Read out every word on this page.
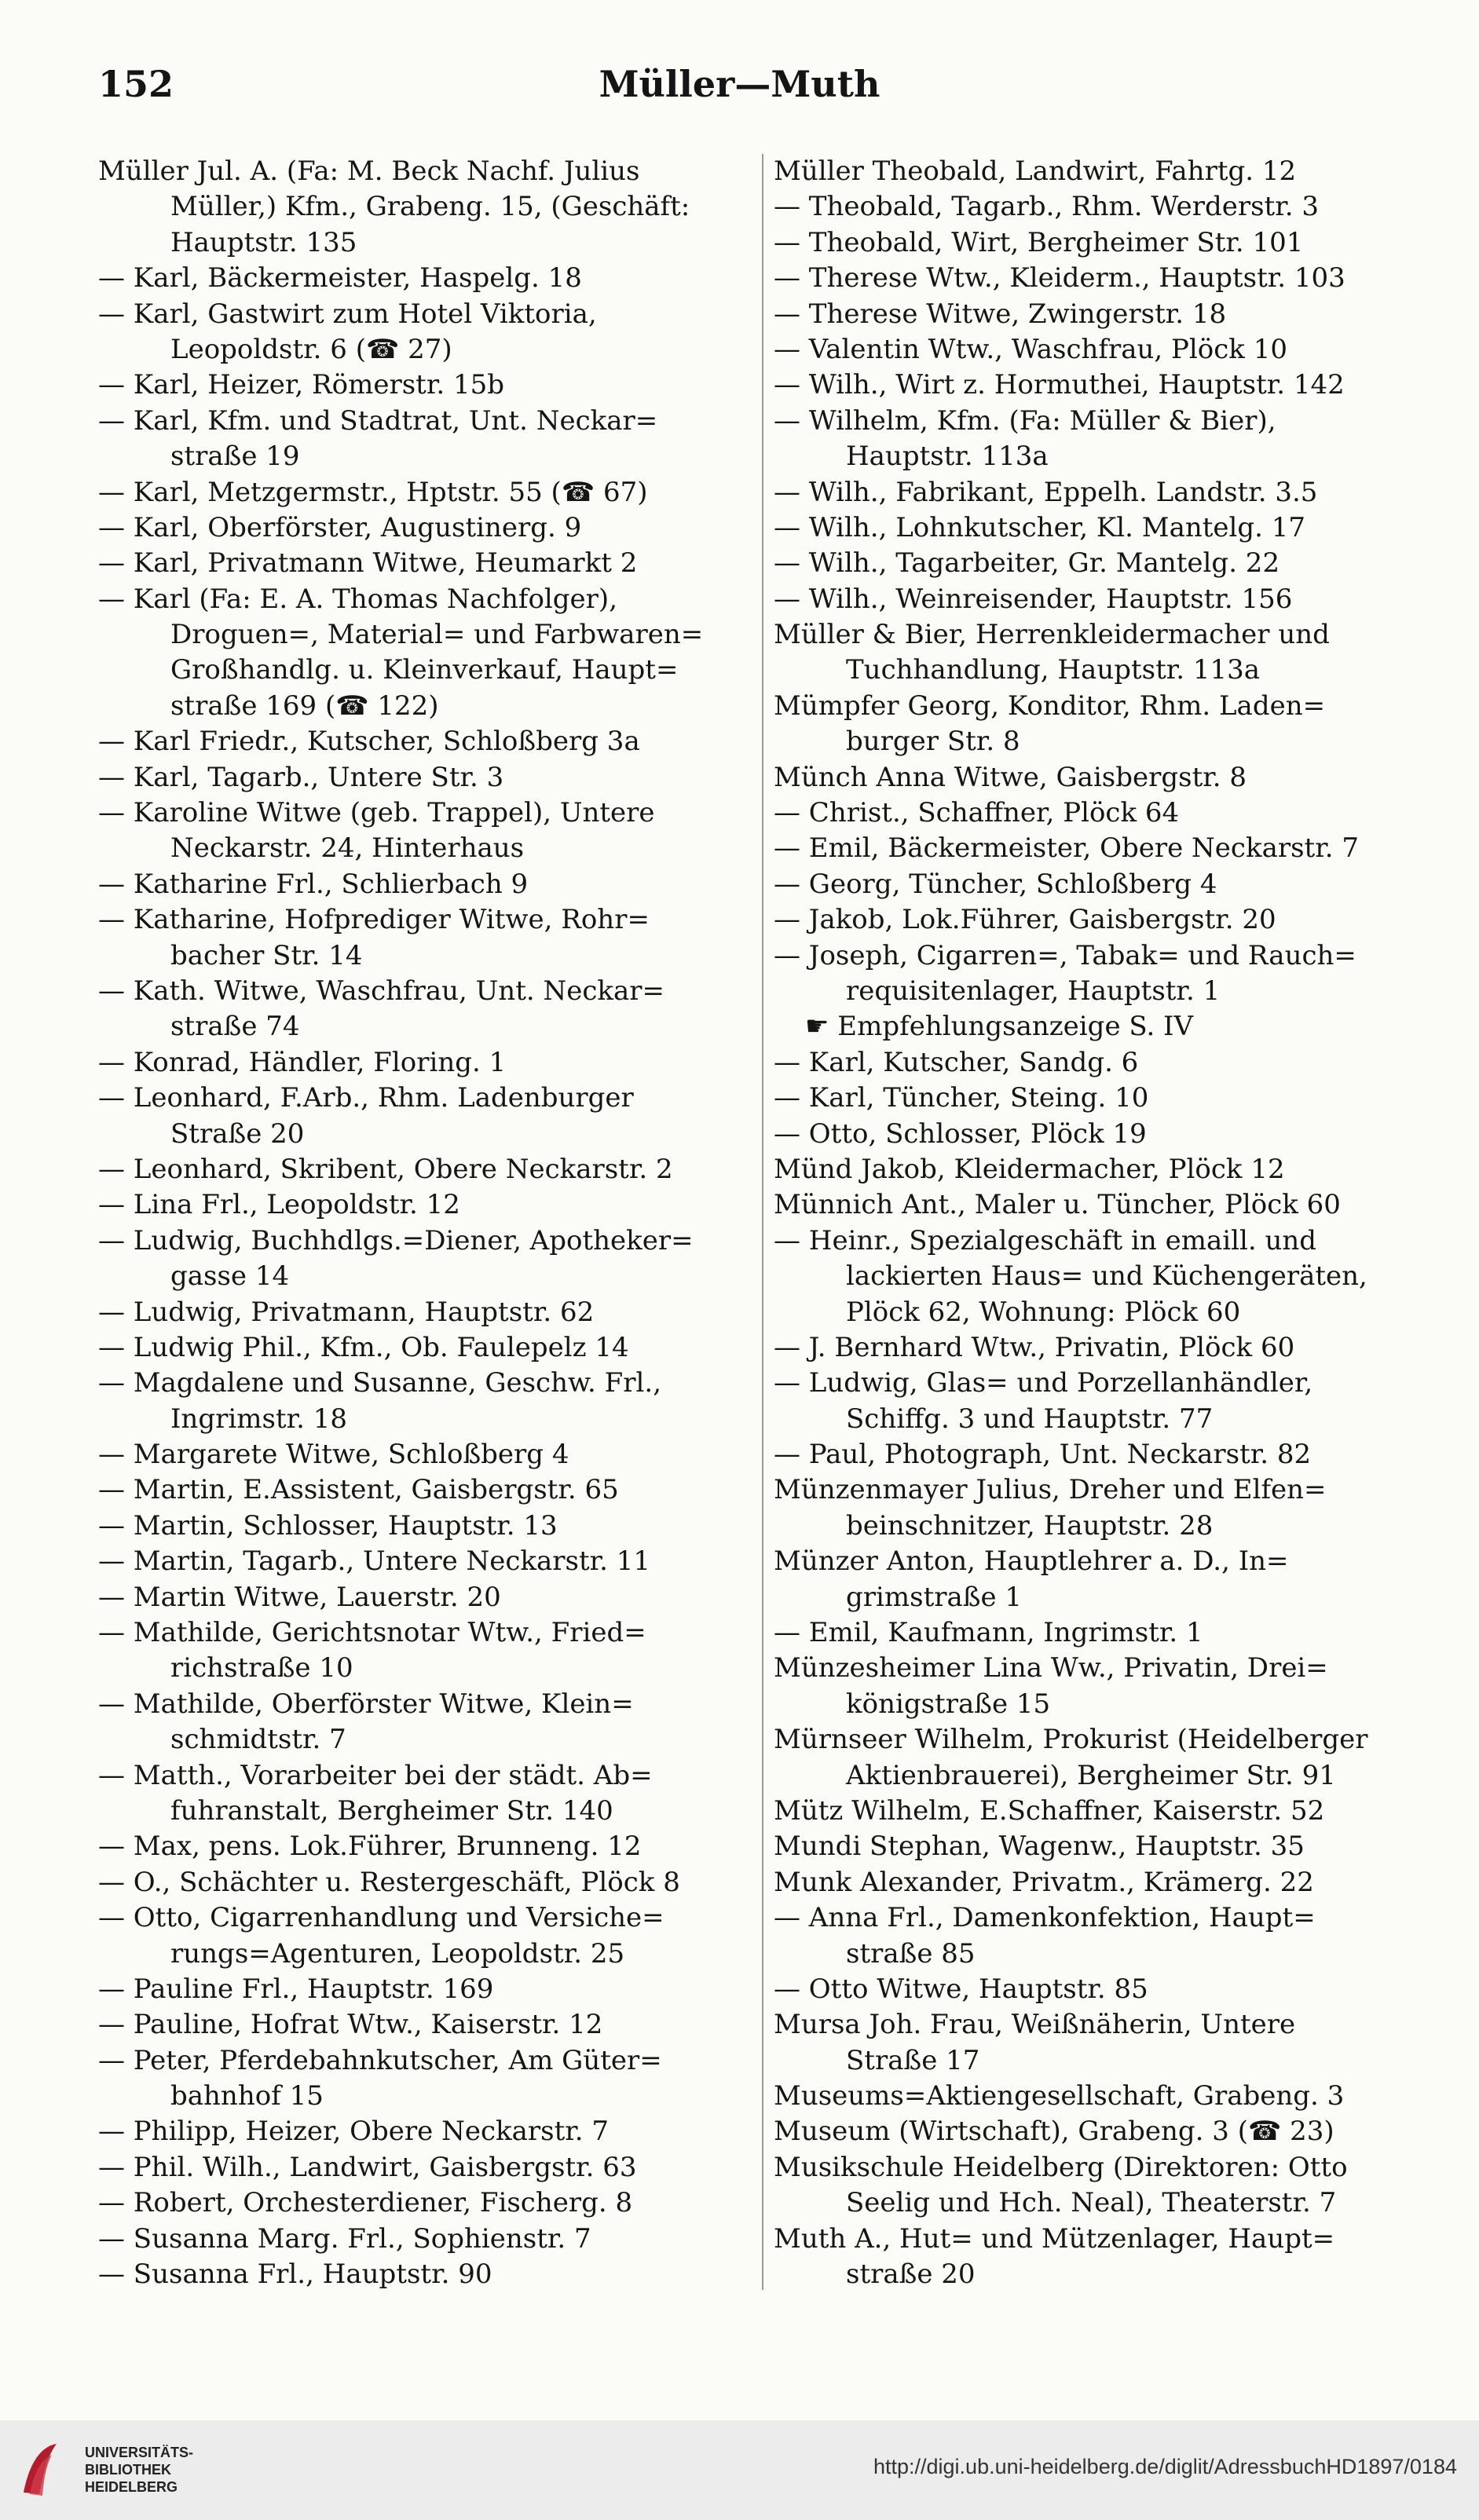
152	Müller—Muth
Müller Jul. A. (Fa: M. Beck Nachf. Julius
Müller,) Kfm., Grabeng. 15, (Geschäft:
Hauptstr. 135
— Karl, Bäckermeister, Haspelg. 18
— Karl, Gastwirt zum Hotel Viktoria,
Leopoldstr. 6 (☎ 27)
— Karl, Heizer, Römerstr. 15b
— Karl, Kfm. und Stadtrat, Unt. Neckar=
straße 19
— Karl, Metzgermstr., Hptstr. 55 (☎ 67)
— Karl, Oberförster, Augustinerg. 9
— Karl, Privatmann Witwe, Heumarkt 2
— Karl (Fa: E. A. Thomas Nachfolger),
Droguen=, Material= und Farbwaren=
Großhandlg. u. Kleinverkauf, Haupt=
straße 169 (☎ 122)
— Karl Friedr., Kutscher, Schloßberg 3a
— Karl, Tagarb., Untere Str. 3
— Karoline Witwe (geb. Trappel), Untere
Neckarstr. 24, Hinterhaus
— Katharine Frl., Schlierbach 9
— Katharine, Hofprediger Witwe, Rohr=
bacher Str. 14
— Kath. Witwe, Waschfrau, Unt. Neckar=
straße 74
— Konrad, Händler, Floring. 1
— Leonhard, F.Arb., Rhm. Ladenburger
Straße 20
— Leonhard, Skribent, Obere Neckarstr. 2
— Lina Frl., Leopoldstr. 12
— Ludwig, Buchhdlgs.=Diener, Apotheker=
gasse 14
— Ludwig, Privatmann, Hauptstr. 62
— Ludwig Phil., Kfm., Ob. Faulepelz 14
— Magdalene und Susanne, Geschw. Frl.,
Ingrimstr. 18
— Margarete Witwe, Schloßberg 4
— Martin, E.Assistent, Gaisbergstr. 65
— Martin, Schlosser, Hauptstr. 13
— Martin, Tagarb., Untere Neckarstr. 11
— Martin Witwe, Lauerstr. 20
— Mathilde, Gerichtsnotar Wtw., Fried=
richstraße 10
— Mathilde, Oberförster Witwe, Klein=
schmidtstr. 7
— Matth., Vorarbeiter bei der städt. Ab=
fuhranstalt, Bergheimer Str. 140
— Max, pens. Lok.Führer, Brunneng. 12
— O., Schächter u. Restergeschäft, Plöck 8
— Otto, Cigarrenhandlung und Versiche=
rungs=Agenturen, Leopoldstr. 25
— Pauline Frl., Hauptstr. 169
— Pauline, Hofrat Wtw., Kaiserstr. 12
— Peter, Pferdebahnkutscher, Am Güter=
bahnhof 15
— Philipp, Heizer, Obere Neckarstr. 7
— Phil. Wilh., Landwirt, Gaisbergstr. 63
— Robert, Orchesterdiener, Fischerg. 8
— Susanna Marg. Frl., Sophienstr. 7
— Susanna Frl., Hauptstr. 90
Müller Theobald, Landwirt, Fahrtg. 12
— Theobald, Tagarb., Rhm. Werderstr. 3
— Theobald, Wirt, Bergheimer Str. 101
— Therese Wtw., Kleiderm., Hauptstr. 103
— Therese Witwe, Zwingerstr. 18
— Valentin Wtw., Waschfrau, Plöck 10
— Wilh., Wirt z. Hormuthei, Hauptstr. 142
— Wilhelm, Kfm. (Fa: Müller & Bier),
Hauptstr. 113a
— Wilh., Fabrikant, Eppelh. Landstr. 3.5
— Wilh., Lohnkutscher, Kl. Mantelg. 17
— Wilh., Tagarbeiter, Gr. Mantelg. 22
— Wilh., Weinreisender, Hauptstr. 156
Müller & Bier, Herrenkleidermacher und
Tuchhandlung, Hauptstr. 113a
Mümpfer Georg, Konditor, Rhm. Laden=
burger Str. 8
Münch Anna Witwe, Gaisbergstr. 8
— Christ., Schaffner, Plöck 64
— Emil, Bäckermeister, Obere Neckarstr. 7
— Georg, Tüncher, Schloßberg 4
— Jakob, Lok.Führer, Gaisbergstr. 20
— Joseph, Cigarren=, Tabak= und Rauch=
requisitenlager, Hauptstr. 1
☛ Empfehlungsanzeige S. IV
— Karl, Kutscher, Sandg. 6
— Karl, Tüncher, Steing. 10
— Otto, Schlosser, Plöck 19
Münd Jakob, Kleidermacher, Plöck 12
Münnich Ant., Maler u. Tüncher, Plöck 60
— Heinr., Spezialgeschäft in emaill. und
lackierten Haus= und Küchengeräten,
Plöck 62, Wohnung: Plöck 60
— J. Bernhard Wtw., Privatin, Plöck 60
— Ludwig, Glas= und Porzellanhändler,
Schiffg. 3 und Hauptstr. 77
— Paul, Photograph, Unt. Neckarstr. 82
Münzenmayer Julius, Dreher und Elfen=
beinschnitzer, Hauptstr. 28
Münzer Anton, Hauptlehrer a. D., In=
grimstraße 1
— Emil, Kaufmann, Ingrimstr. 1
Münzesheimer Lina Ww., Privatin, Drei=
königstraße 15
Mürnseer Wilhelm, Prokurist (Heidelberger
Aktienbrauerei), Bergheimer Str. 91
Mütz Wilhelm, E.Schaffner, Kaiserstr. 52
Mundi Stephan, Wagenw., Hauptstr. 35
Munk Alexander, Privatm., Krämerg. 22
— Anna Frl., Damenkonfektion, Haupt=
straße 85
— Otto Witwe, Hauptstr. 85
Mursa Joh. Frau, Weißnäherin, Untere
Straße 17
Museums=Aktiengesellschaft, Grabeng. 3
Museum (Wirtschaft), Grabeng. 3 (☎ 23)
Musikschule Heidelberg (Direktoren: Otto
Seelig und Hch. Neal), Theaterstr. 7
Muth A., Hut= und Mützenlager, Haupt=
straße 20
UNIVERSITÄTS-
BIBLIOTHEK
HEIDELBERG
http://digi.ub.uni-heidelberg.de/diglit/AdressbuchHD1897/0184
